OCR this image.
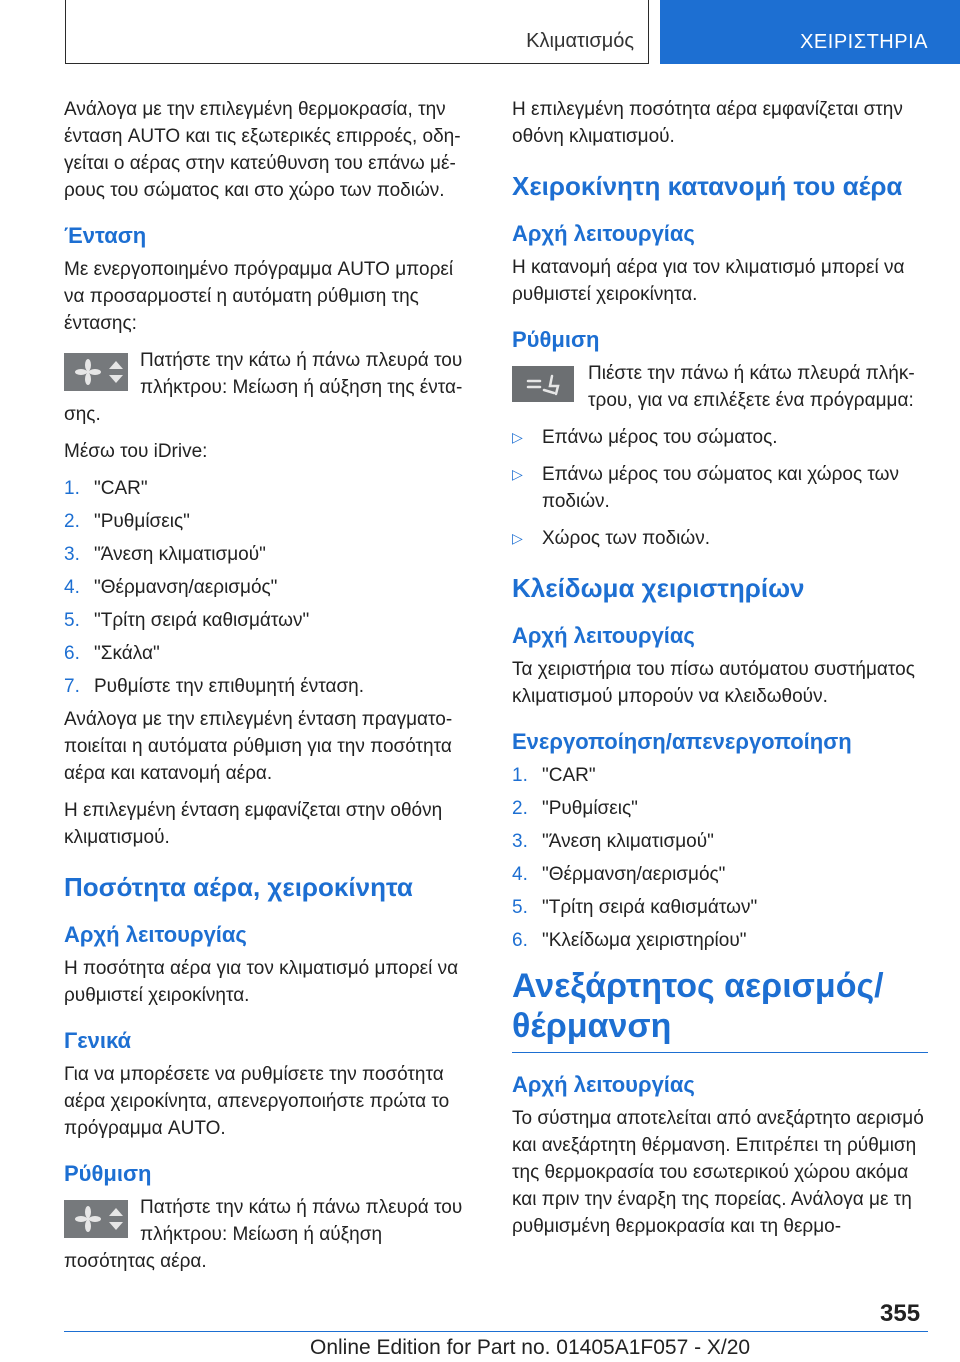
Κλιματισμός	ΧΕΙΡΙΣΤΗΡΙΑ

Ανάλογα με την επιλεγμένη θερμοκρασία, την ένταση AUTO και τις εξωτερικές επιρροές, οδηγείται ο αέρας στην κατεύθυνση του επάνω μέρους του σώματος και στο χώρο των ποδιών.

Ένταση

Με ενεργοποιημένο πρόγραμμα AUTO μπορεί να προσαρμοστεί η αυτόματη ρύθμιση της έντασης:

Πατήστε την κάτω ή πάνω πλευρά του πλήκτρου: Μείωση ή αύξηση της έντασης.

Μέσω του iDrive:

1. "CAR"
2. "Ρυθμίσεις"
3. "Άνεση κλιματισμού"
4. "Θέρμανση/αερισμός"
5. "Τρίτη σειρά καθισμάτων"
6. "Σκάλα"
7. Ρυθμίστε την επιθυμητή ένταση.

Ανάλογα με την επιλεγμένη ένταση πραγματοποιείται η αυτόματα ρύθμιση για την ποσότητα αέρα και κατανομή αέρα.

Η επιλεγμένη ένταση εμφανίζεται στην οθόνη κλιματισμού.

Ποσότητα αέρα, χειροκίνητα
Αρχή λειτουργίας

Η ποσότητα αέρα για τον κλιματισμό μπορεί να ρυθμιστεί χειροκίνητα.

Γενικά

Για να μπορέσετε να ρυθμίσετε την ποσότητα αέρα χειροκίνητα, απενεργοποιήστε πρώτα το πρόγραμμα AUTO.

Ρύθμιση
Πατήστε την κάτω ή πάνω πλευρά του πλήκτρου: Μείωση ή αύξηση ποσότητας αέρα.

Η επιλεγμένη ποσότητα αέρα εμφανίζεται στην οθόνη κλιματισμού.

Χειροκίνητη κατανομή του αέρα
Αρχή λειτουργίας

Η κατανομή αέρα για τον κλιματισμό μπορεί να ρυθμιστεί χειροκίνητα.

Ρύθμιση
Πιέστε την πάνω ή κάτω πλευρά πλήκτρου, για να επιλέξετε ένα πρόγραμμα:
▷ Επάνω μέρος του σώματος.
▷ Επάνω μέρος του σώματος και χώρος των ποδιών.
▷ Χώρος των ποδιών.
Κλείδωμα χειριστηρίων
Αρχή λειτουργίας

Τα χειριστήρια του πίσω αυτόματου συστήματος κλιματισμού μπορούν να κλειδωθούν.

Ενεργοποίηση/απενεργοποίηση
1. "CAR"
2. "Ρυθμίσεις"
3. "Άνεση κλιματισμού"
4. "Θέρμανση/αερισμός"
5. "Τρίτη σειρά καθισμάτων"
6. "Κλείδωμα χειριστηρίου"
Ανεξάρτητος αερισμός/ θέρμανση
Αρχή λειτουργίας

Το σύστημα αποτελείται από ανεξάρτητο αερισμό και ανεξάρτητη θέρμανση. Επιτρέπει τη ρύθμιση της θερμοκρασία του εσωτερικού χώρου ακόμα και πριν την έναρξη της πορείας. Ανάλογα με τη ρυθμισμένη θερμοκρασία και τη θερμο-

355
Online Edition for Part no. 01405A1F057 - X/20
